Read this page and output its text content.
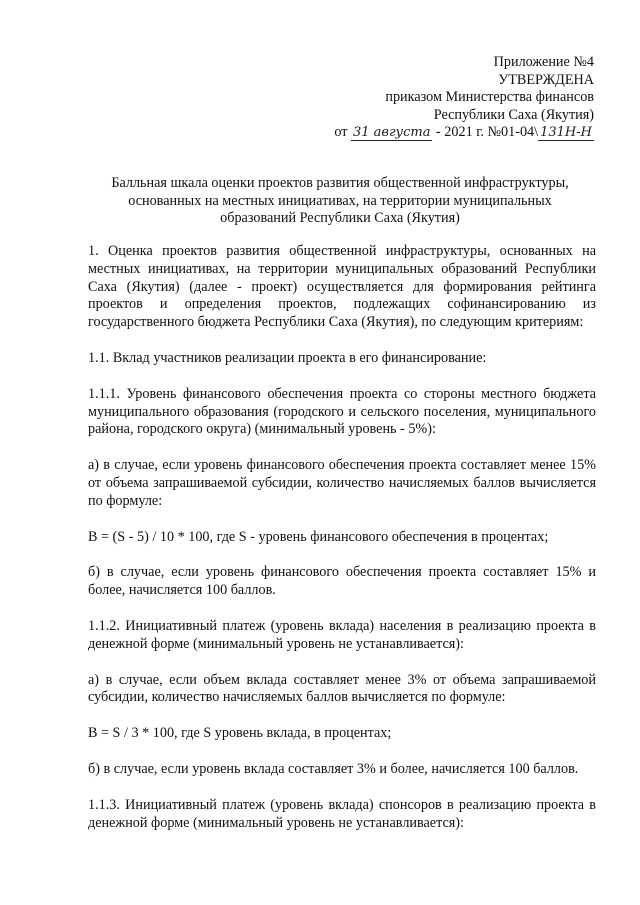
Приложение №4
УТВЕРЖДЕНА
приказом Министерства финансов
Республики Саха (Якутия)
от 31 августа - 2021 г. №01-04\ 131Н-Н
Балльная шкала оценки проектов развития общественной инфраструктуры,
основанных на местных инициативах, на территории муниципальных
образований Республики Саха (Якутия)

1. Оценка проектов развития общественной инфраструктуры, основанных на местных инициативах, на территории муниципальных образований Республики Саха (Якутия) (далее - проект) осуществляется для формирования рейтинга проектов и определения проектов, подлежащих софинансированию из государственного бюджета Республики Саха (Якутия), по следующим критериям:

1.1. Вклад участников реализации проекта в его финансирование:

1.1.1. Уровень финансового обеспечения проекта со стороны местного бюджета муниципального образования (городского и сельского поселения, муниципального района, городского округа) (минимальный уровень - 5%):

а) в случае, если уровень финансового обеспечения проекта составляет менее 15% от объема запрашиваемой субсидии, количество начисляемых баллов вычисляется по формуле:

B = (S - 5) / 10 * 100, где S - уровень финансового обеспечения в процентах;

б) в случае, если уровень финансового обеспечения проекта составляет 15% и более, начисляется 100 баллов.

1.1.2. Инициативный платеж (уровень вклада) населения в реализацию проекта в денежной форме (минимальный уровень не устанавливается):

а) в случае, если объем вклада составляет менее 3% от объема запрашиваемой субсидии, количество начисляемых баллов вычисляется по формуле:

B = S / 3 * 100, где S уровень вклада, в процентах;

б) в случае, если уровень вклада составляет 3% и более, начисляется 100 баллов.

1.1.3. Инициативный платеж (уровень вклада) спонсоров в реализацию проекта в денежной форме (минимальный уровень не устанавливается):
